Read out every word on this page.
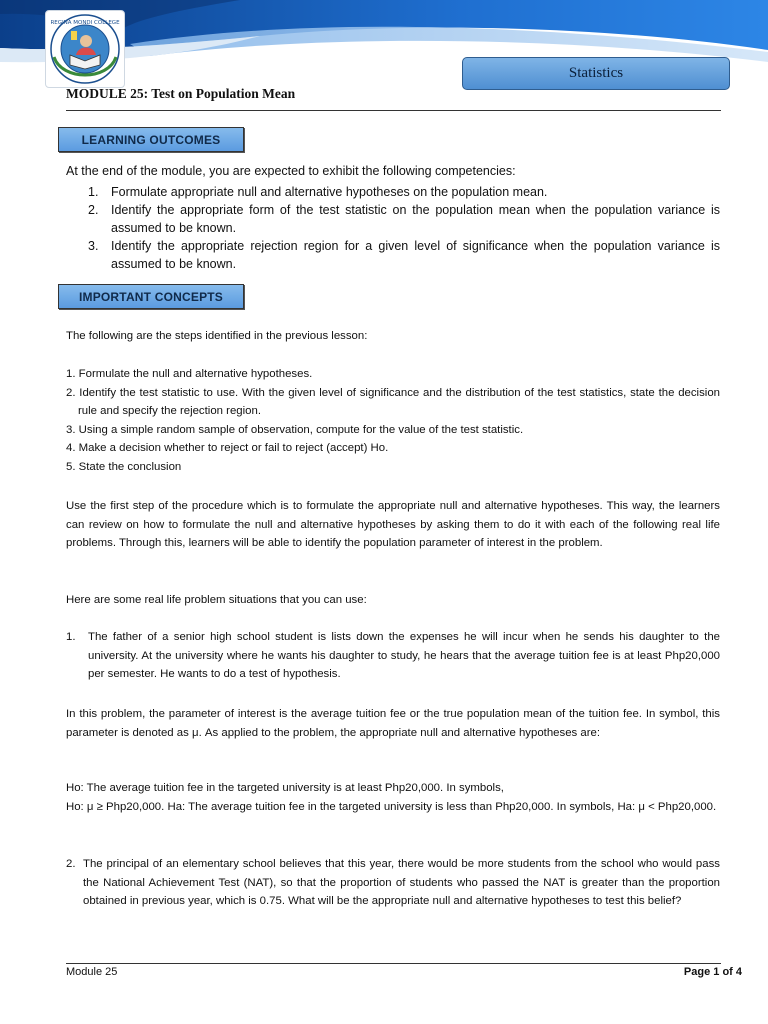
REGINA MONDI COLLEGE
Statistics
MODULE 25: Test on Population Mean
LEARNING OUTCOMES
At the end of the module, you are expected to exhibit the following competencies:
1. Formulate appropriate null and alternative hypotheses on the population mean.
2. Identify the appropriate form of the test statistic on the population mean when the population variance is assumed to be known.
3. Identify the appropriate rejection region for a given level of significance when the population variance is assumed to be known.
IMPORTANT CONCEPTS

The following are the steps identified in the previous lesson:

1. Formulate the null and alternative hypotheses.

2. Identify the test statistic to use. With the given level of significance and the distribution of the test statistics, state the decision rule and specify the rejection region.

3. Using a simple random sample of observation, compute for the value of the test statistic.

4. Make a decision whether to reject or fail to reject (accept) Ho.

5. State the conclusion

Use the first step of the procedure which is to formulate the appropriate null and alternative hypotheses. This way, the learners can review on how to formulate the null and alternative hypotheses by asking them to do it with each of the following real life problems. Through this, learners will be able to identify the population parameter of interest in the problem.

Here are some real life problem situations that you can use:

1.	The father of a senior high school student is lists down the expenses he will incur when he sends his daughter to the university. At the university where he wants his daughter to study, he hears that the average tuition fee is at least Php20,000 per semester. He wants to do a test of hypothesis.

In this problem, the parameter of interest is the average tuition fee or the true population mean of the tuition fee. In symbol, this parameter is denoted as μ. As applied to the problem, the appropriate null and alternative hypotheses are:

Ho: The average tuition fee in the targeted university is at least Php20,000. In symbols,

Ho: μ ≥ Php20,000. Ha: The average tuition fee in the targeted university is less than Php20,000. In symbols, Ha: μ < Php20,000.

2. The principal of an elementary school believes that this year, there would be more students from the school who would pass the National Achievement Test (NAT), so that the proportion of students who passed the NAT is greater than the proportion obtained in previous year, which is 0.75. What will be the appropriate null and alternative hypotheses to test this belief?
Module 25	Page 1 of 4
